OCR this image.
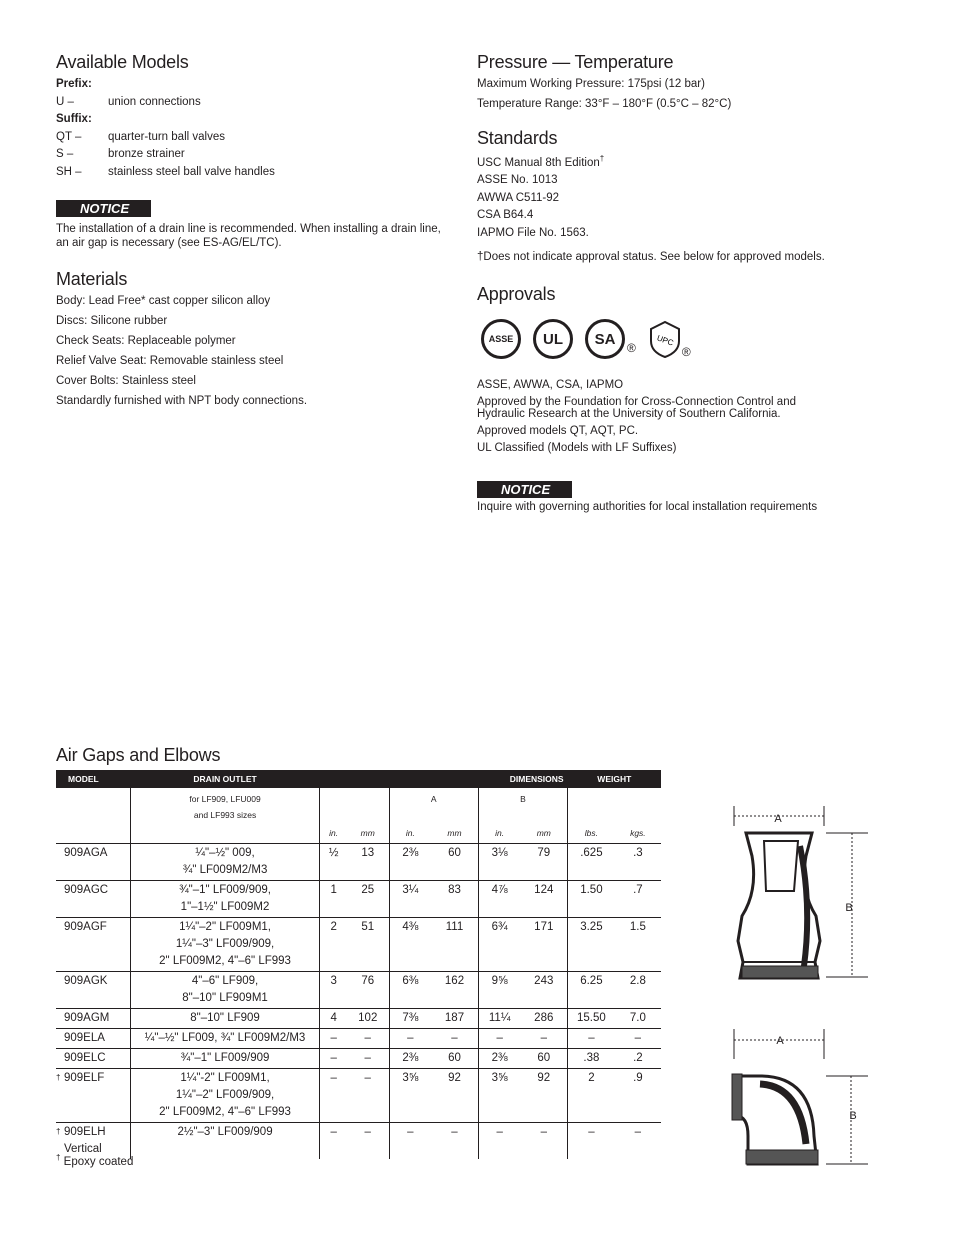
Available Models
Prefix:
U –	union connections
Suffix:
QT –	quarter-turn ball valves
S –	bronze strainer
SH –	stainless steel ball valve handles
NOTICE

The installation of a drain line is recommended. When installing a drain line, an air gap is necessary (see ES-AG/EL/TC).

Materials
Body: Lead Free* cast copper silicon alloy
Discs: Silicone rubber
Check Seats: Replaceable polymer
Relief Valve Seat: Removable stainless steel
Cover Bolts: Stainless steel
Standardly furnished with NPT body connections.
Pressure — Temperature
Maximum Working Pressure: 175psi (12 bar)
Temperature Range: 33°F – 180°F (0.5°C – 82°C)
Standards
USC Manual 8th Edition†
ASSE No. 1013
AWWA C511-92
CSA B64.4
IAPMO File No. 1563.
†Does not indicate approval status. See below for approved models.
Approvals
ASSE UL SA
®
UPC
®
ASSE, AWWA, CSA, IAPMO
Approved by the Foundation for Cross-Connection Control and Hydraulic Research at the University of Southern California.
Approved models QT, AQT, PC.
UL Classified (Models with LF Suffixes)
NOTICE
Inquire with governing authorities for local installation requirements
Air Gaps and Elbows
MODEL	DRAIN OUTLET	DIMENSIONS						WEIGHT	

	for LF909, LFU009
and LF993 sizes			A		B			
		in.	mm	in.	mm	in.	mm	lbs.	kgs.
909AGA	¼"–½" 009,
¾" LF009M2/M3	½	13	2⅜	60	3⅛	79	.625	.3
909AGC	¾"–1" LF009/909,
1"–1½" LF009M2	1	25	3¼	83	4⅞	124	1.50	.7
909AGF	1¼"–2" LF009M1,
1¼"–3" LF009/909,
2" LF009M2, 4"–6" LF993	2	51	4⅜	111	6¾	171	3.25	1.5
909AGK	4"–6" LF909,
8"–10" LF909M1	3	76	6⅜	162	9⅝	243	6.25	2.8
909AGM	8"–10" LF909	4	102	7⅜	187	11¼	286	15.50	7.0
909ELA	¼"–½" LF009, ¾" LF009M2/M3	–	–	–	–	–	–	–	–
909ELC	¾"–1" LF009/909	–	–	2⅜	60	2⅜	60	.38	.2

† 909ELF	1¼"-2" LF009M1,
1¼"–2" LF009/909,
2" LF009M2, 4"–6" LF993	–	–	3⅝	92	3⅝	92	2	.9

† 909ELH
Vertical	2½"–3" LF009/909	–	–	–	–	–	–	–	–
† Epoxy coated
A
B
A
B
